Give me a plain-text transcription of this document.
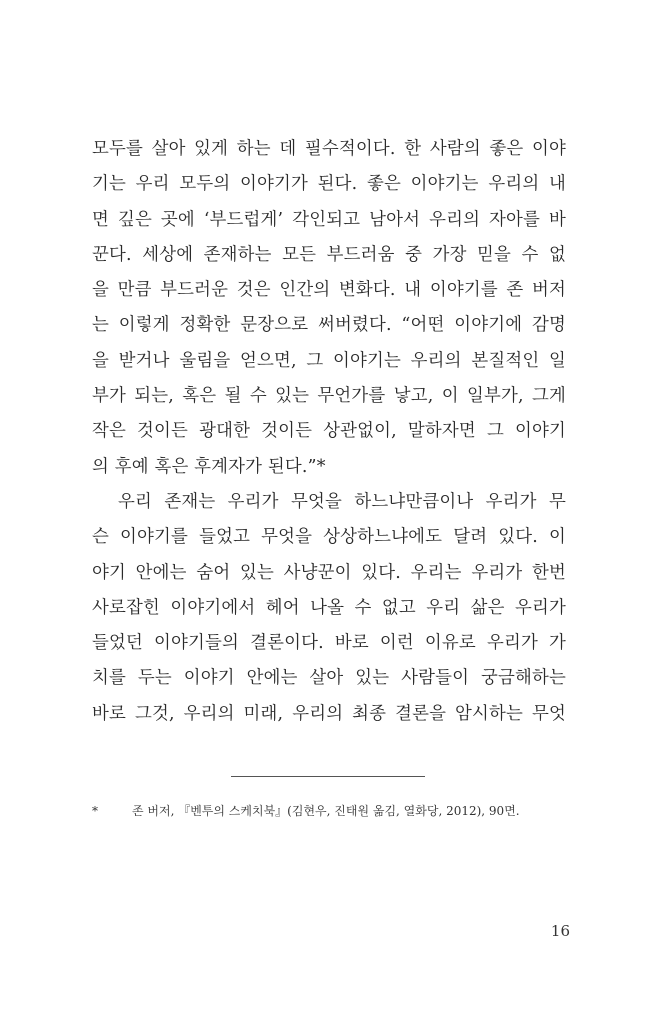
모두를 살아 있게 하는 데 필수적이다. 한 사람의 좋은 이야
기는 우리 모두의 이야기가 된다. 좋은 이야기는 우리의 내
면 깊은 곳에 ‘부드럽게’ 각인되고 남아서 우리의 자아를 바
꾼다. 세상에 존재하는 모든 부드러움 중 가장 믿을 수 없
을 만큼 부드러운 것은 인간의 변화다. 내 이야기를 존 버저
는 이렇게 정확한 문장으로 써버렸다. “어떤 이야기에 감명
을 받거나 울림을 얻으면, 그 이야기는 우리의 본질적인 일
부가 되는, 혹은 될 수 있는 무언가를 낳고, 이 일부가, 그게
작은 것이든 광대한 것이든 상관없이, 말하자면 그 이야기
의 후예 혹은 후계자가 된다.”*
우리 존재는 우리가 무엇을 하느냐만큼이나 우리가 무
슨 이야기를 들었고 무엇을 상상하느냐에도 달려 있다. 이
야기 안에는 숨어 있는 사냥꾼이 있다. 우리는 우리가 한번
사로잡힌 이야기에서 헤어 나올 수 없고 우리 삶은 우리가
들었던 이야기들의 결론이다. 바로 이런 이유로 우리가 가
치를 두는 이야기 안에는 살아 있는 사람들이 궁금해하는
바로 그것, 우리의 미래, 우리의 최종 결론을 암시하는 무엇
*	존 버저, 『벤투의 스케치북』(김현우, 진태원 옮김, 열화당, 2012), 90면.
16
